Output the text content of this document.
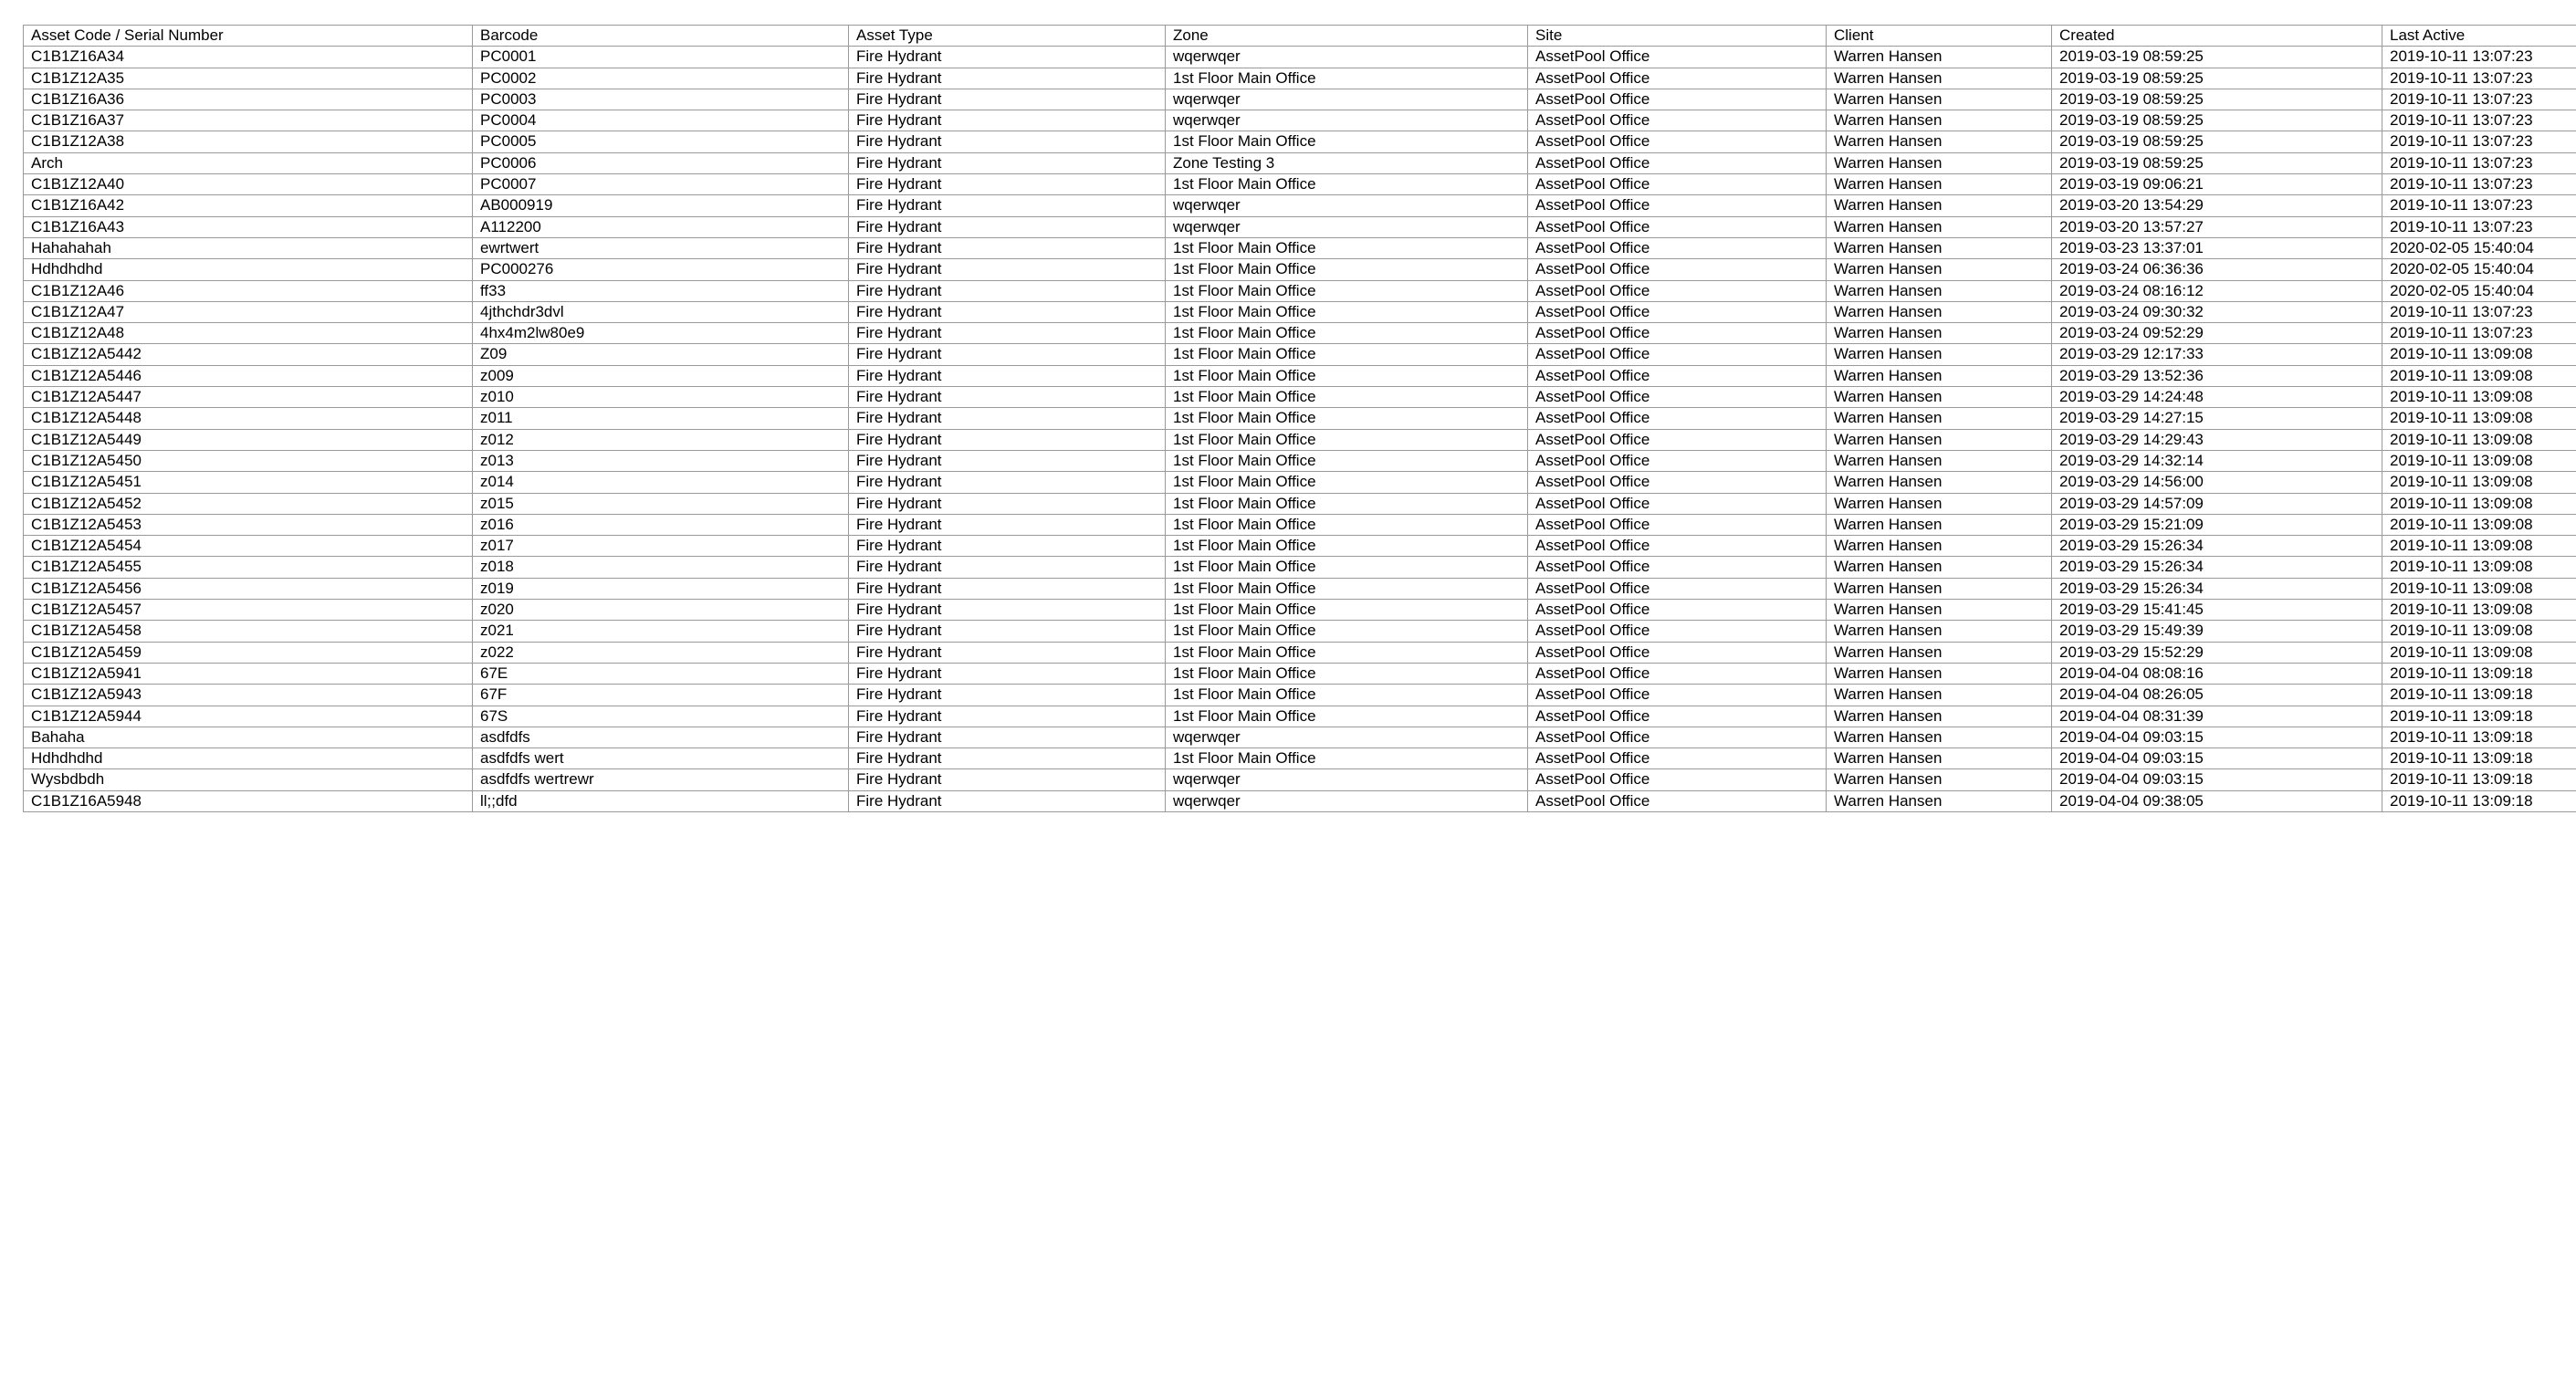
Asset Code / Serial Number	Barcode	Asset Type	Zone	Site	Client	Created	Last Active
C1B1Z16A34	PC0001	Fire Hydrant	wqerwqer	AssetPool Office	Warren Hansen	2019-03-19 08:59:25	2019-10-11 13:07:23
C1B1Z12A35	PC0002	Fire Hydrant	1st Floor Main Office	AssetPool Office	Warren Hansen	2019-03-19 08:59:25	2019-10-11 13:07:23
C1B1Z16A36	PC0003	Fire Hydrant	wqerwqer	AssetPool Office	Warren Hansen	2019-03-19 08:59:25	2019-10-11 13:07:23
C1B1Z16A37	PC0004	Fire Hydrant	wqerwqer	AssetPool Office	Warren Hansen	2019-03-19 08:59:25	2019-10-11 13:07:23
C1B1Z12A38	PC0005	Fire Hydrant	1st Floor Main Office	AssetPool Office	Warren Hansen	2019-03-19 08:59:25	2019-10-11 13:07:23
Arch	PC0006	Fire Hydrant	Zone Testing 3	AssetPool Office	Warren Hansen	2019-03-19 08:59:25	2019-10-11 13:07:23
C1B1Z12A40	PC0007	Fire Hydrant	1st Floor Main Office	AssetPool Office	Warren Hansen	2019-03-19 09:06:21	2019-10-11 13:07:23
C1B1Z16A42	AB000919	Fire Hydrant	wqerwqer	AssetPool Office	Warren Hansen	2019-03-20 13:54:29	2019-10-11 13:07:23
C1B1Z16A43	A112200	Fire Hydrant	wqerwqer	AssetPool Office	Warren Hansen	2019-03-20 13:57:27	2019-10-11 13:07:23
Hahahahah	ewrtwert	Fire Hydrant	1st Floor Main Office	AssetPool Office	Warren Hansen	2019-03-23 13:37:01	2020-02-05 15:40:04
Hdhdhdhd	PC000276	Fire Hydrant	1st Floor Main Office	AssetPool Office	Warren Hansen	2019-03-24 06:36:36	2020-02-05 15:40:04
C1B1Z12A46	ff33	Fire Hydrant	1st Floor Main Office	AssetPool Office	Warren Hansen	2019-03-24 08:16:12	2020-02-05 15:40:04
C1B1Z12A47	4jthchdr3dvl	Fire Hydrant	1st Floor Main Office	AssetPool Office	Warren Hansen	2019-03-24 09:30:32	2019-10-11 13:07:23
C1B1Z12A48	4hx4m2lw80e9	Fire Hydrant	1st Floor Main Office	AssetPool Office	Warren Hansen	2019-03-24 09:52:29	2019-10-11 13:07:23
C1B1Z12A5442	Z09	Fire Hydrant	1st Floor Main Office	AssetPool Office	Warren Hansen	2019-03-29 12:17:33	2019-10-11 13:09:08
C1B1Z12A5446	z009	Fire Hydrant	1st Floor Main Office	AssetPool Office	Warren Hansen	2019-03-29 13:52:36	2019-10-11 13:09:08
C1B1Z12A5447	z010	Fire Hydrant	1st Floor Main Office	AssetPool Office	Warren Hansen	2019-03-29 14:24:48	2019-10-11 13:09:08
C1B1Z12A5448	z011	Fire Hydrant	1st Floor Main Office	AssetPool Office	Warren Hansen	2019-03-29 14:27:15	2019-10-11 13:09:08
C1B1Z12A5449	z012	Fire Hydrant	1st Floor Main Office	AssetPool Office	Warren Hansen	2019-03-29 14:29:43	2019-10-11 13:09:08
C1B1Z12A5450	z013	Fire Hydrant	1st Floor Main Office	AssetPool Office	Warren Hansen	2019-03-29 14:32:14	2019-10-11 13:09:08
C1B1Z12A5451	z014	Fire Hydrant	1st Floor Main Office	AssetPool Office	Warren Hansen	2019-03-29 14:56:00	2019-10-11 13:09:08
C1B1Z12A5452	z015	Fire Hydrant	1st Floor Main Office	AssetPool Office	Warren Hansen	2019-03-29 14:57:09	2019-10-11 13:09:08
C1B1Z12A5453	z016	Fire Hydrant	1st Floor Main Office	AssetPool Office	Warren Hansen	2019-03-29 15:21:09	2019-10-11 13:09:08
C1B1Z12A5454	z017	Fire Hydrant	1st Floor Main Office	AssetPool Office	Warren Hansen	2019-03-29 15:26:34	2019-10-11 13:09:08
C1B1Z12A5455	z018	Fire Hydrant	1st Floor Main Office	AssetPool Office	Warren Hansen	2019-03-29 15:26:34	2019-10-11 13:09:08
C1B1Z12A5456	z019	Fire Hydrant	1st Floor Main Office	AssetPool Office	Warren Hansen	2019-03-29 15:26:34	2019-10-11 13:09:08
C1B1Z12A5457	z020	Fire Hydrant	1st Floor Main Office	AssetPool Office	Warren Hansen	2019-03-29 15:41:45	2019-10-11 13:09:08
C1B1Z12A5458	z021	Fire Hydrant	1st Floor Main Office	AssetPool Office	Warren Hansen	2019-03-29 15:49:39	2019-10-11 13:09:08
C1B1Z12A5459	z022	Fire Hydrant	1st Floor Main Office	AssetPool Office	Warren Hansen	2019-03-29 15:52:29	2019-10-11 13:09:08
C1B1Z12A5941	67E	Fire Hydrant	1st Floor Main Office	AssetPool Office	Warren Hansen	2019-04-04 08:08:16	2019-10-11 13:09:18
C1B1Z12A5943	67F	Fire Hydrant	1st Floor Main Office	AssetPool Office	Warren Hansen	2019-04-04 08:26:05	2019-10-11 13:09:18
C1B1Z12A5944	67S	Fire Hydrant	1st Floor Main Office	AssetPool Office	Warren Hansen	2019-04-04 08:31:39	2019-10-11 13:09:18
Bahaha	asdfdfs	Fire Hydrant	wqerwqer	AssetPool Office	Warren Hansen	2019-04-04 09:03:15	2019-10-11 13:09:18
Hdhdhdhd	asdfdfs wert	Fire Hydrant	1st Floor Main Office	AssetPool Office	Warren Hansen	2019-04-04 09:03:15	2019-10-11 13:09:18
Wysbdbdh	asdfdfs wertrewr	Fire Hydrant	wqerwqer	AssetPool Office	Warren Hansen	2019-04-04 09:03:15	2019-10-11 13:09:18
C1B1Z16A5948	ll;;dfd	Fire Hydrant	wqerwqer	AssetPool Office	Warren Hansen	2019-04-04 09:38:05	2019-10-11 13:09:18
